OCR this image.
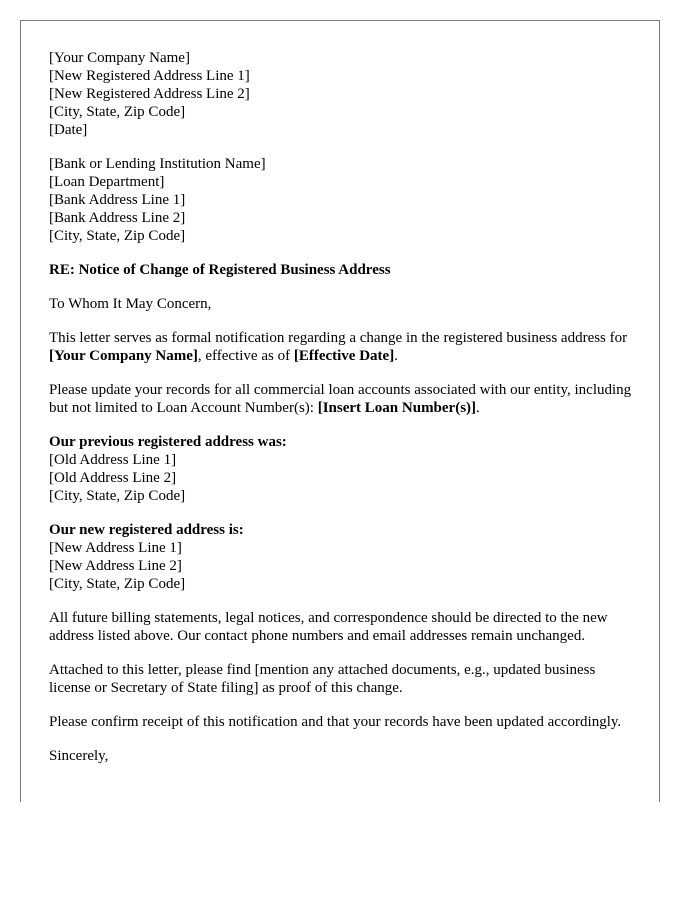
[Your Company Name]
[New Registered Address Line 1]
[New Registered Address Line 2]
[City, State, Zip Code]
[Date]
[Bank or Lending Institution Name]
[Loan Department]
[Bank Address Line 1]
[Bank Address Line 2]
[City, State, Zip Code]

RE: Notice of Change of Registered Business Address

To Whom It May Concern,

This letter serves as formal notification regarding a change in the registered business address for [Your Company Name], effective as of [Effective Date].

Please update your records for all commercial loan accounts associated with our entity, including but not limited to Loan Account Number(s): [Insert Loan Number(s)].

Our previous registered address was:
[Old Address Line 1]
[Old Address Line 2]
[City, State, Zip Code]
Our new registered address is:
[New Address Line 1]
[New Address Line 2]
[City, State, Zip Code]

All future billing statements, legal notices, and correspondence should be directed to the new address listed above. Our contact phone numbers and email addresses remain unchanged.

Attached to this letter, please find [mention any attached documents, e.g., updated business license or Secretary of State filing] as proof of this change.

Please confirm receipt of this notification and that your records have been updated accordingly.

Sincerely,
